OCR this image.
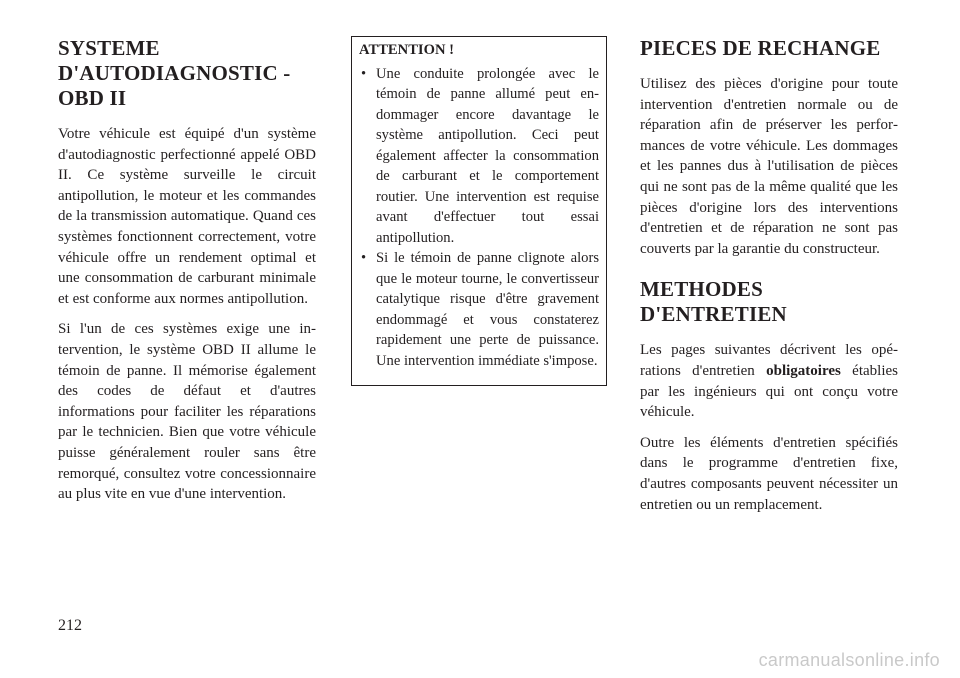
SYSTEME D'AUTODIAGNOSTIC - OBD II

Votre véhicule est équipé d'un système d'autodiagnostic perfectionné appelé OBD II. Ce système surveille le circuit antipollution, le moteur et les commandes de la transmission automatique. Quand ces systèmes fonctionnent correctement, votre véhicule offre un rendement optimal et une consommation de carburant minimale et est conforme aux normes antipollution.

Si l'un de ces systèmes exige une intervention, le système OBD II allume le témoin de panne. Il mémorise également des codes de défaut et d'autres informations pour faciliter les réparations par le technicien. Bien que votre véhicule puisse généralement rouler sans être remorqué, consultez votre concessionnaire au plus vite en vue d'une intervention.

ATTENTION !
• Une conduite prolongée avec le témoin de panne allumé peut endommager encore davantage le système antipollution. Ceci peut également affecter la consommation de carburant et le comportement routier. Une intervention est requise avant d'effectuer tout essai antipollution.
• Si le témoin de panne clignote alors que le moteur tourne, le convertisseur catalytique risque d'être gravement endommagé et vous constaterez rapidement une perte de puissance. Une intervention immédiate s'impose.
PIECES DE RECHANGE

Utilisez des pièces d'origine pour toute intervention d'entretien normale ou de réparation afin de préserver les performances de votre véhicule. Les dommages et les pannes dus à l'utilisation de pièces qui ne sont pas de la même qualité que les pièces d'origine lors des interventions d'entretien et de réparation ne sont pas couverts par la garantie du constructeur.

METHODES D'ENTRETIEN

Les pages suivantes décrivent les opérations d'entretien obligatoires établies par les ingénieurs qui ont conçu votre véhicule.

Outre les éléments d'entretien spécifiés dans le programme d'entretien fixe, d'autres composants peuvent nécessiter un entretien ou un remplacement.

212
carmanualsonline.info
